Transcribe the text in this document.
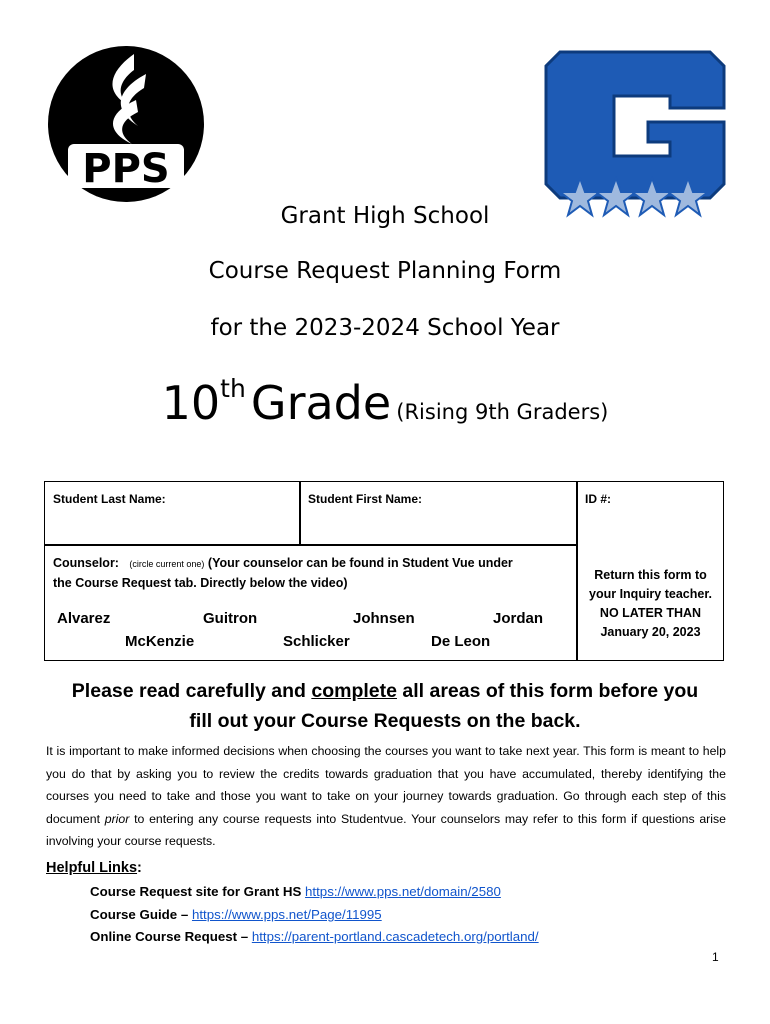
PPS
Grant High School
Course Request Planning Form
for the 2023-2024 School Year
10th Grade (Rising 9th Graders)
Student Last Name:	Student First Name:	ID #:
Counselor: (circle current one) (Your counselor can be found in Student Vue under
the Course Request tab. Directly below the video)
Alvarez	Guitron	Johnsen	Jordan
McKenzie	Schlicker	De Leon
Return this form to
your Inquiry teacher.
NO LATER THAN
January 20, 2023
Please read carefully and complete all areas of this form before you
fill out your Course Requests on the back.
It is important to make informed decisions when choosing the courses you want to take next year. This form is meant to help you do that by asking you to review the credits towards graduation that you have accumulated, thereby identifying the courses you need to take and those you want to take on your journey towards graduation. Go through each step of this document prior to entering any course requests into Studentvue. Your counselors may refer to this form if questions arise involving your course requests.
Helpful Links:
Course Request site for Grant HS https://www.pps.net/domain/2580
Course Guide – https://www.pps.net/Page/11995
Online Course Request – https://parent-portland.cascadetech.org/portland/
1
